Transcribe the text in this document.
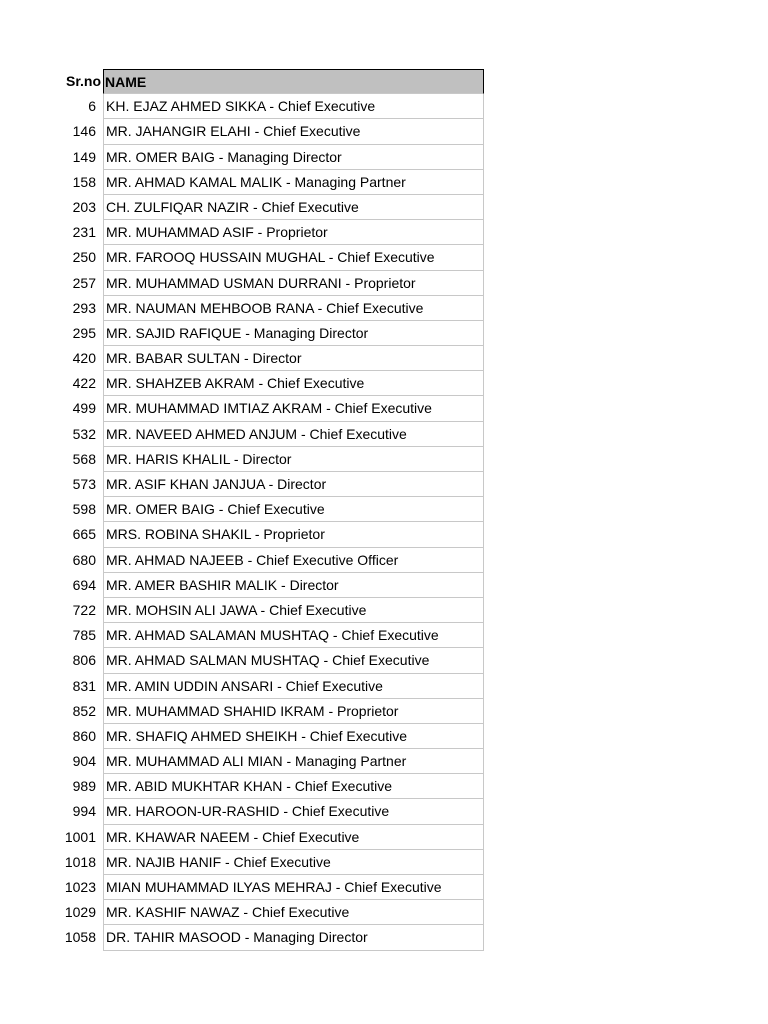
Sr.no NAME
6 KH. EJAZ AHMED SIKKA - Chief Executive
146 MR. JAHANGIR ELAHI - Chief Executive
149 MR. OMER BAIG - Managing Director
158 MR. AHMAD KAMAL MALIK - Managing Partner
203 CH. ZULFIQAR NAZIR - Chief Executive
231 MR. MUHAMMAD ASIF - Proprietor
250 MR. FAROOQ HUSSAIN MUGHAL - Chief Executive
257 MR. MUHAMMAD USMAN DURRANI - Proprietor
293 MR. NAUMAN MEHBOOB RANA - Chief Executive
295 MR. SAJID RAFIQUE - Managing Director
420 MR. BABAR SULTAN - Director
422 MR. SHAHZEB AKRAM - Chief Executive
499 MR. MUHAMMAD IMTIAZ AKRAM - Chief Executive
532 MR. NAVEED AHMED ANJUM - Chief Executive
568 MR. HARIS KHALIL - Director
573 MR. ASIF KHAN JANJUA - Director
598 MR. OMER BAIG - Chief Executive
665 MRS. ROBINA SHAKIL - Proprietor
680 MR. AHMAD NAJEEB - Chief Executive Officer
694 MR. AMER BASHIR MALIK - Director
722 MR. MOHSIN ALI JAWA - Chief Executive
785 MR. AHMAD SALAMAN MUSHTAQ - Chief Executive
806 MR. AHMAD SALMAN MUSHTAQ - Chief Executive
831 MR. AMIN UDDIN ANSARI - Chief Executive
852 MR. MUHAMMAD SHAHID IKRAM - Proprietor
860 MR. SHAFIQ AHMED SHEIKH - Chief Executive
904 MR. MUHAMMAD ALI MIAN - Managing Partner
989 MR. ABID MUKHTAR KHAN - Chief Executive
994 MR. HAROON-UR-RASHID - Chief Executive
1001 MR. KHAWAR NAEEM - Chief Executive
1018 MR. NAJIB HANIF - Chief Executive
1023 MIAN MUHAMMAD ILYAS MEHRAJ - Chief Executive
1029 MR. KASHIF NAWAZ - Chief Executive
1058 DR. TAHIR MASOOD - Managing Director
